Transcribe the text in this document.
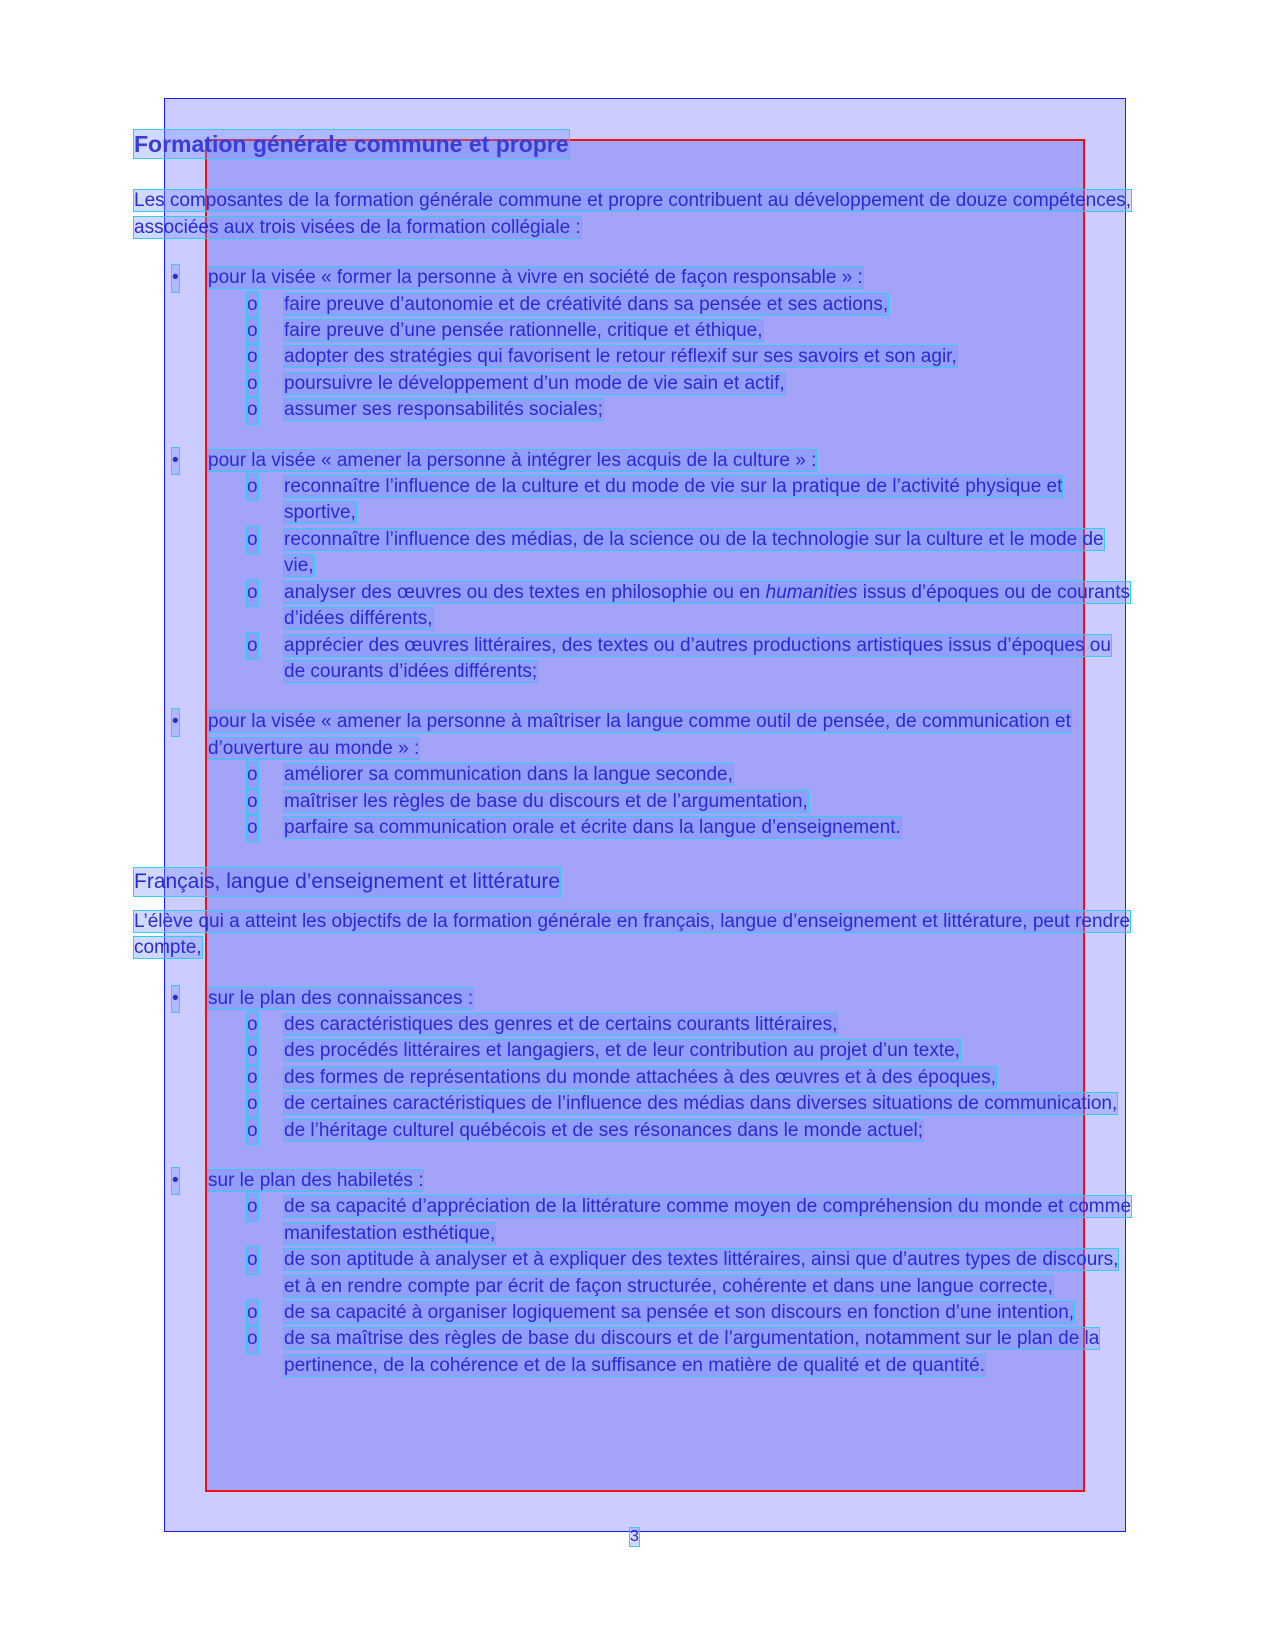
Formation générale commune et propre

Les composantes de la formation générale commune et propre contribuent au développement de douze compétences, associées aux trois visées de la formation collégiale :

• pour la visée « former la personne à vivre en société de façon responsable » :
o faire preuve d’autonomie et de créativité dans sa pensée et ses actions,
o faire preuve d’une pensée rationnelle, critique et éthique,
o adopter des stratégies qui favorisent le retour réflexif sur ses savoirs et son agir,
o poursuivre le développement d’un mode de vie sain et actif,
o assumer ses responsabilités sociales;
• pour la visée « amener la personne à intégrer les acquis de la culture » :
o reconnaître l’influence de la culture et du mode de vie sur la pratique de l’activité physique et sportive,
o reconnaître l’influence des médias, de la science ou de la technologie sur la culture et le mode de vie,
o analyser des œuvres ou des textes en philosophie ou en humanities issus d’époques ou de courants d’idées différents,
o apprécier des œuvres littéraires, des textes ou d’autres productions artistiques issus d’époques ou de courants d’idées différents;
• pour la visée « amener la personne à maîtriser la langue comme outil de pensée, de communication et d’ouverture au monde » :
o améliorer sa communication dans la langue seconde,
o maîtriser les règles de base du discours et de l’argumentation,
o parfaire sa communication orale et écrite dans la langue d’enseignement.
Français, langue d’enseignement et littérature

L’élève qui a atteint les objectifs de la formation générale en français, langue d’enseignement et littérature, peut rendre compte,

• sur le plan des connaissances :
o des caractéristiques des genres et de certains courants littéraires,
o des procédés littéraires et langagiers, et de leur contribution au projet d’un texte,
o des formes de représentations du monde attachées à des œuvres et à des époques,
o de certaines caractéristiques de l’influence des médias dans diverses situations de communication,
o de l’héritage culturel québécois et de ses résonances dans le monde actuel;
• sur le plan des habiletés :
o de sa capacité d’appréciation de la littérature comme moyen de compréhension du monde et comme manifestation esthétique,
o de son aptitude à analyser et à expliquer des textes littéraires, ainsi que d’autres types de discours, et à en rendre compte par écrit de façon structurée, cohérente et dans une langue correcte,
o de sa capacité à organiser logiquement sa pensée et son discours en fonction d’une intention,
o de sa maîtrise des règles de base du discours et de l’argumentation, notamment sur le plan de la pertinence, de la cohérence et de la suffisance en matière de qualité et de quantité.
3
